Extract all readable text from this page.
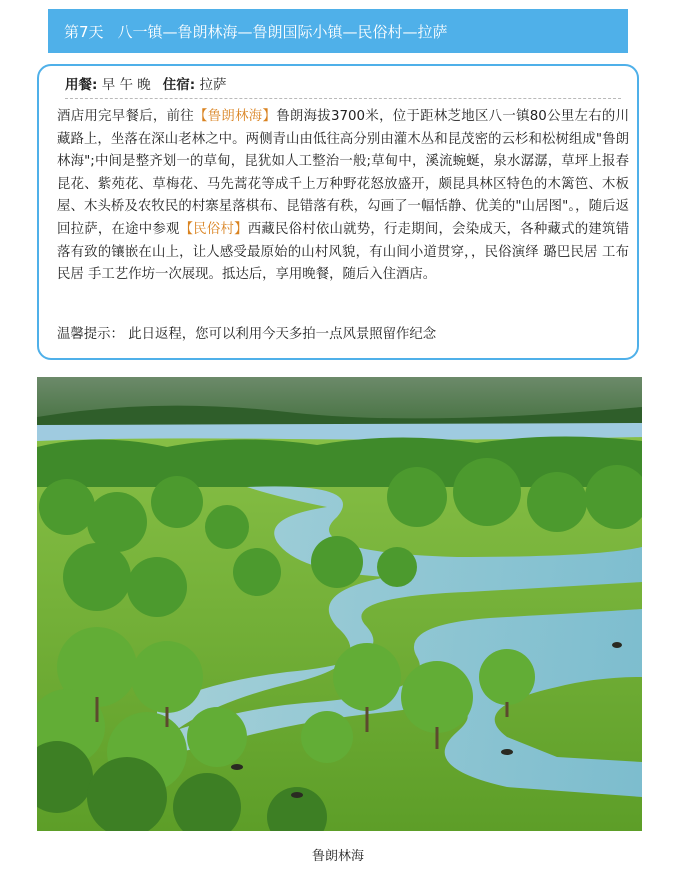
第7天 八一镇—鲁朗林海—鲁朗国际小镇—民俗村—拉萨
用餐: 早 午 晚 住宿: 拉萨

酒店用完早餐后，前往【鲁朗林海】鲁朗海拔3700米，位于距林芝地区八一镇80公里左右的川藏路上，坐落在深山老林之中。两侧青山由低往高分别由灌木丛和昆茂密的云杉和松树组成"鲁朗林海";中间是整齐划一的草甸，昆犹如人工整治一般;草甸中，溪流蜿蜒，泉水潺潺，草坪上报春昆花、紫苑花、草梅花、马先蒿花等成千上万种野花怒放盛开，颇昆具林区特色的木篱笆、木板屋、木头桥及农牧民的村寨星落棋布、昆错落有秩，勾画了一幅恬静、优美的"山居图"。，随后返回拉萨，在途中参观【民俗村】西藏民俗村依山就势，行走期间，会染成天，各种藏式的建筑错落有致的镶嵌在山上，让人感受最原始的山村风貌，有山间小道贯穿，，民俗演绎 璐巴民居 工布民居 手工艺作坊一次展现。抵达后，享用晚餐，随后入住酒店。

温馨提示： 此日返程，您可以利用今天多拍一点风景照留作纪念

鲁朗林海
